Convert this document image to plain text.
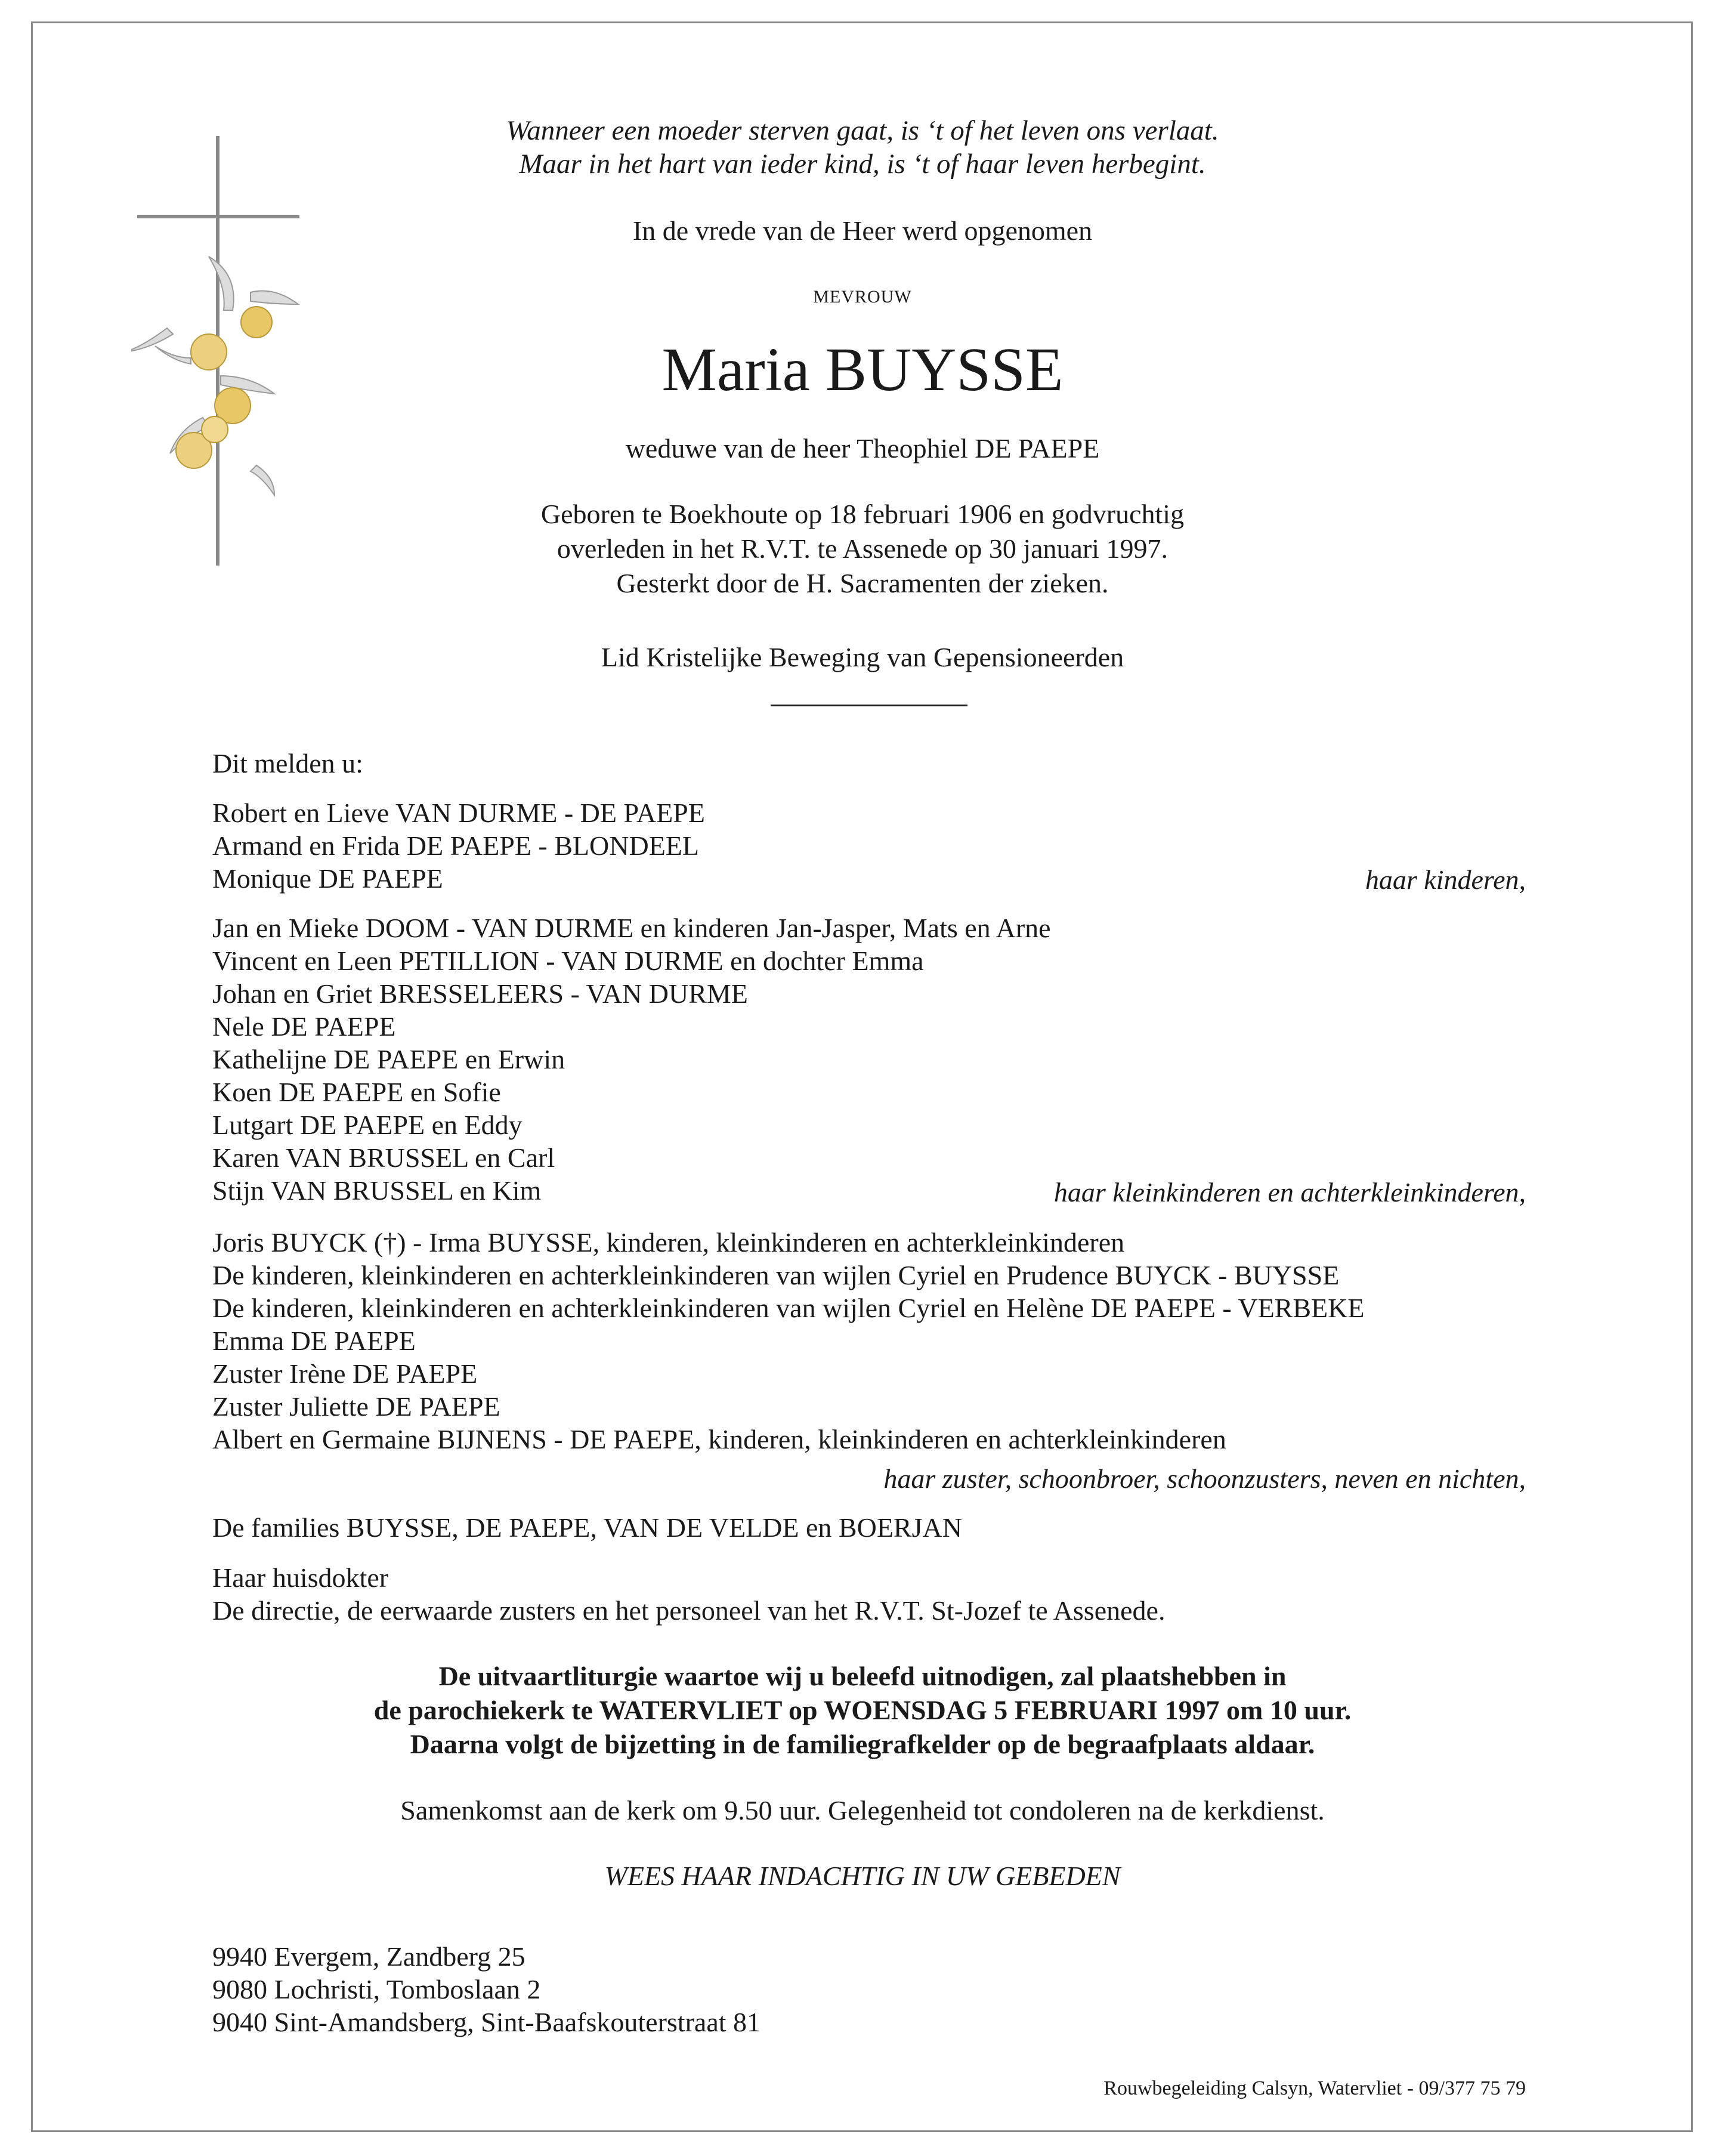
Wanneer een moeder sterven gaat, is ‘t of het leven ons verlaat.
Maar in het hart van ieder kind, is ‘t of haar leven herbegint.
In de vrede van de Heer werd opgenomen
MEVROUW
Maria BUYSSE
weduwe van de heer Theophiel DE PAEPE
Geboren te Boekhoute op 18 februari 1906 en godvruchtig
overleden in het R.V.T. te Assenede op 30 januari 1997.
Gesterkt door de H. Sacramenten der zieken.
Lid Kristelijke Beweging van Gepensioneerden
Dit melden u:
Robert en Lieve VAN DURME - DE PAEPE
Armand en Frida DE PAEPE - BLONDEEL
Monique DE PAEPE	haar kinderen,
Jan en Mieke DOOM - VAN DURME en kinderen Jan-Jasper, Mats en Arne
Vincent en Leen PETILLION - VAN DURME en dochter Emma
Johan en Griet BRESSELEERS - VAN DURME
Nele DE PAEPE
Kathelijne DE PAEPE en Erwin
Koen DE PAEPE en Sofie
Lutgart DE PAEPE en Eddy
Karen VAN BRUSSEL en Carl
Stijn VAN BRUSSEL en Kim	haar kleinkinderen en achterkleinkinderen,
Joris BUYCK (†) - Irma BUYSSE, kinderen, kleinkinderen en achterkleinkinderen
De kinderen, kleinkinderen en achterkleinkinderen van wijlen Cyriel en Prudence BUYCK - BUYSSE
De kinderen, kleinkinderen en achterkleinkinderen van wijlen Cyriel en Helène DE PAEPE - VERBEKE
Emma DE PAEPE
Zuster Irène DE PAEPE
Zuster Juliette DE PAEPE
Albert en Germaine BIJNENS - DE PAEPE, kinderen, kleinkinderen en achterkleinkinderen
haar zuster, schoonbroer, schoonzusters, neven en nichten,
De families BUYSSE, DE PAEPE, VAN DE VELDE en BOERJAN
Haar huisdokter
De directie, de eerwaarde zusters en het personeel van het R.V.T. St-Jozef te Assenede.
De uitvaartliturgie waartoe wij u beleefd uitnodigen, zal plaatshebben in
de parochiekerk te WATERVLIET op WOENSDAG 5 FEBRUARI 1997 om 10 uur.
Daarna volgt de bijzetting in de familiegrafkelder op de begraafplaats aldaar.
Samenkomst aan de kerk om 9.50 uur. Gelegenheid tot condoleren na de kerkdienst.
WEES HAAR INDACHTIG IN UW GEBEDEN
9940 Evergem, Zandberg 25
9080 Lochristi, Tomboslaan 2
9040 Sint-Amandsberg, Sint-Baafskouterstraat 81
Rouwbegeleiding Calsyn, Watervliet - 09/377 75 79
